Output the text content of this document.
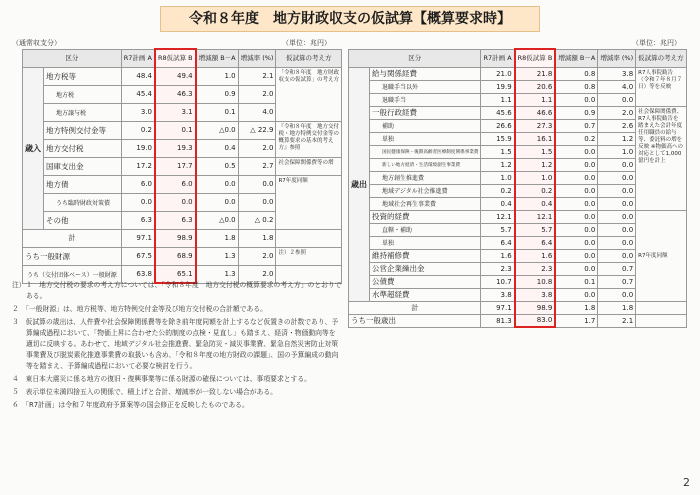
令和８年度　地方財政収支の仮試算【概算要求時】
（通常収支分）	（単位：兆円）	（単位：兆円）
区分		R7計画 A	R8仮試算 B	増減額 B－A	増減率 (%)	仮試算の考え方
歳入	地方税等	48.4	49.4	1.0	2.1	「令和８年度　地方財政収支の仮試算」の考え方
	地方税	45.4	46.3	0.9	2.0	
	地方譲与税	3.0	3.1	0.1	4.0	
	地方特例交付金等	0.2	0.1	△0.0	△ 22.9	『令和８年度　地方交付税・地方特例交付金等の概算要求の基本的考え方』参照
	地方交付税	19.0	19.3	0.4	2.0	
	国庫支出金	17.2	17.7	0.5	2.7	社会保障関係費等の増
	地方債	6.0	6.0	0.0	0.0	R7年度同額
	うち臨時財政対策債	0.0	0.0	0.0	0.0	
	その他	6.3	6.3	△0.0	△ 0.2	
計		97.1	98.9	1.8	1.8	
うち一般財源		67.5	68.9	1.3	2.0	注）２参照
うち（交付団体ベース）一般財源		63.8	65.1	1.3	2.0	
区分		R7計画 A	R8仮試算 B	増減額 B－A	増減率 (%)	仮試算の考え方
歳出	給与関係経費	21.0	21.8	0.8	3.8	R7人事院勧告（令和７年８月７日）等を反映
	退職手当以外	19.9	20.6	0.8	4.0	
	退職手当	1.1	1.1	0.0	0.0	
	一般行政経費	45.6	46.6	0.9	2.0	社会保障関係費、R7人事院勧告を踏まえた会計年度任用職員の給与等、委託料の増を反映 ※物価高への対応として1,000億円を計上
	補助	26.6	27.3	0.7	2.6	
	単独	15.9	16.1	0.2	1.2	
	国民健康保険・後期高齢者医療制度関係事業費	1.5	1.5	0.0	1.0	
	新しい地方経済・生活環境創生事業費	1.2	1.2	0.0	0.0	
	地方創生推進費	1.0	1.0	0.0	0.0	
	地域デジタル社会推進費	0.2	0.2	0.0	0.0	
	地域社会再生事業費	0.4	0.4	0.0	0.0	
	投資的経費	12.1	12.1	0.0	0.0	R7年度同額
	直轄・補助	5.7	5.7	0.0	0.0	
	単独	6.4	6.4	0.0	0.0	
	維持補修費	1.6	1.6	0.0	0.0	
	公営企業繰出金	2.3	2.3	0.0	0.7	
	公債費	10.7	10.8	0.1	0.7	
	水準超経費	3.8	3.8	0.0	0.0	
計		97.1	98.9	1.8	1.8	
うち一般歳出		81.3	83.0	1.7	2.1	

注）１　地方交付税の要求の考え方については、「令和８年度　地方交付税の概算要求の考え方」のとおりである。

２　「一般財源」は、地方税等、地方特例交付金等及び地方交付税の合計額である。

３　仮試算の歳出は、人件費や社会保障関係費等を除き前年度同額を計上するなど仮置きの計数であり、予算編成過程において、「物価上昇に合わせた公的制度の点検・見直し」も踏まえ、経済・物価動向等を適切に反映する。あわせて、地域デジタル社会推進費、緊急防災・減災事業費、緊急自然災害防止対策事業費及び脱炭素化推進事業費の取扱いも含め、「令和８年度の地方財政の課題」、国の予算編成の動向等を踏まえ、予算編成過程において必要な検討を行う。

４　東日本大震災に係る地方の復旧・復興事業等に係る財源の確保については、事項要求とする。

５　表示単位未満四捨五入の関係で、積上げと合計、増減率が一致しない場合がある。

６　「R7計画」は令和７年度政府予算案等の国会修正を反映したものである。

2
